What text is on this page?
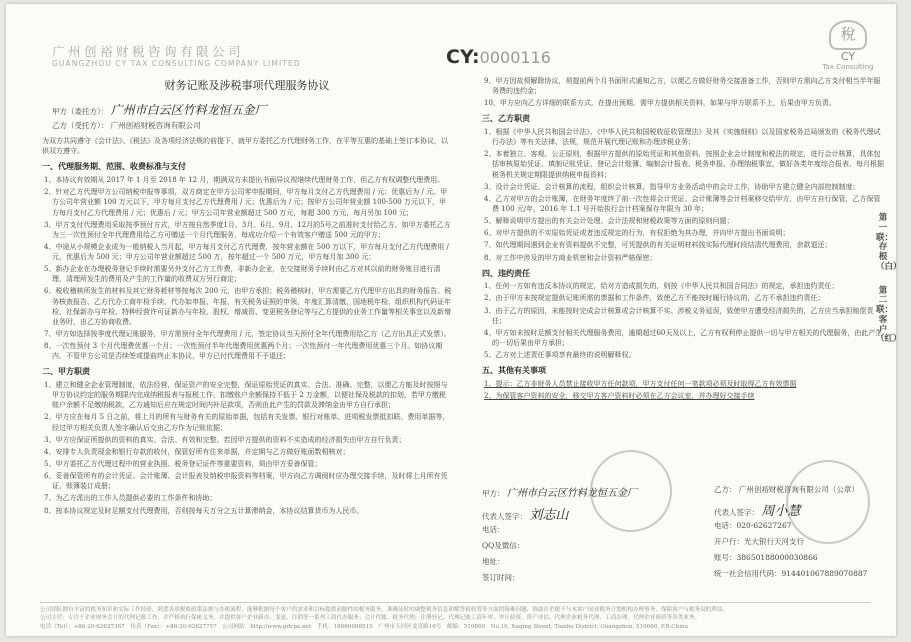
广州创裕财税咨询有限公司
GUANGZHOU CY TAX CONSULTING COMPANY LIMITED	CY:0000116
稅
CY
Tax Consulting
财务记账及涉税事项代理服务协议
甲方（委托方）： 广州市白云区竹料龙恒五金厂
乙方（受托方）： 广州创裕财税咨询有限公司

为双方共同遵守《会计法》、《税法》及各项经济法规的前提下，就甲方委托乙方代理财务工作，在平等互惠的基础上签订本协议，以供双方遵守。

一、代理服务期、范围、收费标准与支付

1、本协议有效期从 2017 年 1 月至 2018 年 12 月，期满双方未提出书面异议视继续代理财务工作，但乙方有权调整代理费用。

2、针对乙方代理甲方公司纳税申报等事项，双方商定在甲方公司零申报期间，甲方每月支付乙方代理费用 / 元；优惠后为 / 元。甲方公司年营业额 100 万元以下，甲方每月支付乙方代理费用 / 元；优惠后为 / 元；按甲方公司年营业额 100-500 万元以下，甲方每月支付乙方代理费用 / 元；优惠后 / 元；甲方公司年营业额超过 500 万元，每超 300 万元，每月另加 100 元；

3、甲方支付代理费用采取按季预付方式，甲方按自然季度1月、3月、6月、9月、12月的5号之前准时支付给乙方。如甲方委托乙方为三一次性预付全年代理费用给乙方可赠送一个月代理服务，每成功介绍一个有效客户赠送 500 元的甲方；

4、中途从小规模企业成为一般纳税人当月起，甲方每月支付乙方代理费，按年营业额在 500 万以下，甲方每月支付乙方代理费用 / 元，优惠后为 500 元；甲方公司年营业额超过 500 万，按年超过一个 500 万元，甲方每月加 300 元；

5、新办企业在办理税务登记手续时需要另外支付乙方工作费，非新办企业，在交接财务手续时由乙方对其以前的财务账目进行清理，清理所发生的费用及产生的工作量的收费双方另行商定；

6、税收稽核所发生的材料及其它财务耗材等按每次 200 元，由甲方承担；税务稽核时，甲方需要乙方代理甲方出具的财务报告、税务核查报告、乙方代办工商年检手续、代办如申报、年报、有关税务证照的申领、年度汇算清缴、国地税年检、组织机构代码证年检、社保新办与年检、特种经营许可证新办与年检、股权、增减资、变更税务登记等与乙方提供的业务工作量等相关事宜以及新增业务时，由乙方协商收费。

7、甲方如选择按季度代理记账服务，甲方需预付全年代理费用 / 元，签定协议当天预付全年代理费用给乙方（乙方出具正式发票）。

8、一次性预付 3 个月代理费优惠一个月；一次性预付半年代理费用优惠两个月；一次性预付一年代理费用优惠三个月。如协议期内，不管甲方公司是否续签或提前终止本协议，甲方已付代理费用不予退还；

二、甲方职责

1、建立和健全企业管理制度，依法经营，保证资产的安全完整，保证原始凭证的真实、合法、准确、完整，以便乙方能及时按照与甲方协议约定的服务期限内完成纳税报表与报税工作，扣缴账户余额保持不低于 2 万金额，以便社保及税款的扣划，若甲方缴税账户余额不足缴纳税款，乙方通知后应在规定时间内补足款项，否则由此产生的罚款及滞纳金由甲方自行承担；

2、甲方应在每月 5 日之前，将上月的所有与财务有关的原始单据，包括有关发票、银行对账单、进项税发票抵扣联、费用单据等，经过甲方相关负责人签字确认后交由乙方作为记账依据；

3、甲方应保证所提供的资料的真实、合法、有效和完整。若因甲方提供的资料不实造成的经济损失由甲方自行负责；

4、安排专人负责现金和银行存款的收付，保管好所有往来单据，并定期与乙方做好账面数相核对；

5、甲方委托乙方代理过程中的营业执照、税务登记证件等重要资料，须由甲方妥善保管；

6、妥善保管所有的会计凭证、会计账簿、会计报表及纳税申报资料等档案，甲方向乙方调阅时应办理交接手续，及时将上月所有凭证、账簿装订成册；

7、为乙方派出的工作人员提供必要的工作条件和协助；

8、按本协议规定及时足额支付代理费用，否则按每天万分之五计算滞纳金，本协议结算货币为人民币。

9、甲方因故须解除协议，须提前两个月书面形式通知乙方，以便乙方做好财务交接准备工作，否则甲方需向乙方支付相当半年服务费的违约金；

10、甲方应向乙方详细的联系方式，在提出预期，需甲方提供相关资料，如果与甲方联系不上，后果由甲方负责。

三、乙方职责

1、根据《中华人民共和国会计法》、《中华人民共和国税收征收管理法》及其《实施细则》以及国家税务总局颁发的《税务代理试行办法》等有关法律、法规，规范开展代理记账和办理涉税业务；

2、本着独立、客观、公正原则，根据甲方提供的原始凭证和其他资料，按照企业会计制度和税法的规定，进行会计核算，具体包括审核原始凭证、填制记账凭证、登记会计账簿、编制会计报表、税务申报、办理纳税事宜，做好各类年度综合报表、每月根据税务机关规定期限提供纳税申报资料；

3、设计会计凭证、会计核算的流程，组织会计核算，指导甲方业务活动中的会计工作，协助甲方建立健全内部控制制度；

4、乙方对甲方的会计账簿，在财务年度终了前一次性将会计凭证、会计账簿等会计档案移交给甲方，由甲方自行保管，乙方保管费 100 元/年，2016 年 1.1 号开始执行会计档案保存年限为 30 年；

5、解释说明甲方提出的有关会计处理、会计法规和财税政策等方面的原则问题；

6、对甲方提供的不实原始凭证或者违反规定的行为，有权拒绝为其办理，并向甲方提出书面说明；

7、如代理期间遇到企业有资料提供不完整，可凭提供的有关证明材料按实际代理时段结清代理费用，余款退还；

8、对工作中涉及的甲方商业机密和会计资料严格保密；

四、违约责任

1、任何一方如有违反本协议的规定，给对方造成损失的，则按《中华人民共和国合同法》的规定，承担违约责任；

2、由于甲方未按规定提供记账所需的票据和工作条件，致使乙方不能按时履行协议的，乙方不承担违约责任；

3、由于乙方的原因，未能按时完成会计核算或会计核算不实、涉税义务延误，致使甲方遭受经济损失的，乙方应当承担赔偿责任；

4、甲方如未按时足额支付相关代理服务费用，逾期超过60天及以上，乙方有权利停止提供一切与甲方相关的代理服务，由此产生的一切后果由甲方承担；

5、乙方对上述责任事项享有最终的说明解释权。

五、其他有关事项

1、提示：乙方非财务人员禁止接收甲方任何款项，甲方支付任何一笔款项必须及时取得乙方有效票据

2、为保管客户资料的安全，移交甲方客户资料时必须在乙方会议室，并办理好交接手续

甲方： 广州市白云区竹料龙恒五金厂
代表人签字： 刘志山
电话：
QQ及微信：
地址：
签订时间：
乙方： 广州创裕财税咨询有限公司（公章）
代表人签字： 周小慧
电话：020-62627267
开户行：光大银行天河支行
账号：38650188000030866
统一社会信用代码：914401067889070887
公司团队拥有丰富的税务知识和实际工作经验，熟悉各项税收政策法规与办税流程，能够根据每个客户的需求和目标提供前瞻性的税务服务，准确及时的调整税务信息和解答税收筹等方面的疑难问题，协助在企税不与本客户同业税务计划机构办理事务，保障客户与税务局的利益。
公司主营：专注于企业财务会计的代理记账工作，并严格执行保密义务，并提供客户企业新办、变更、注销等一系列工商代办服务；会计代账、税务代理、注册登记、代理记账工商年审、审计验资、资产评估、代理企业税务代理、工商办理、代理企业资质等各类业务。
电话（Tel）：+86-20-62627367　传真（Fax）：+86-20-62627757　公司网站：http://www.gdcpa.net　手机：18666098515　广州市天河区龙奇路16号　邮编：510660　No.16, Xuqing Street, Tianhe District, Guangzhou, 510660, P.R.China
第一联：存根（白）
第二联：客户（红）
